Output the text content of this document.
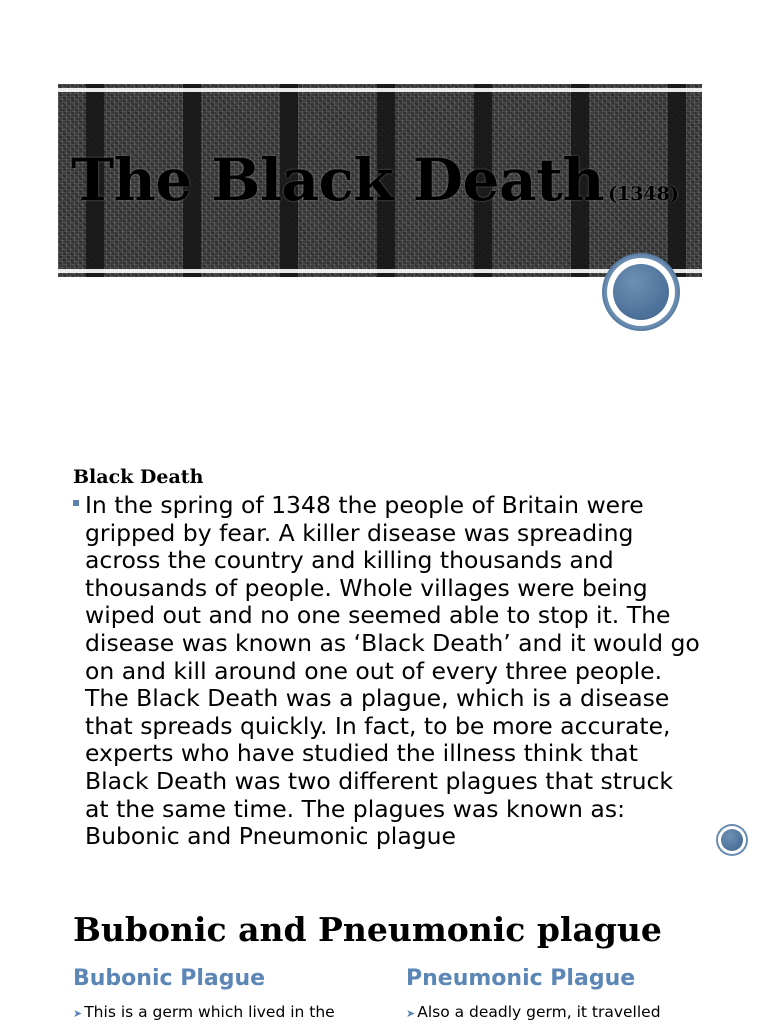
The Black Death (1348)
Black Death

In the spring of 1348 the people of Britain were gripped by fear. A killer disease was spreading across the country and killing thousands and thousands of people. Whole villages were being wiped out and no one seemed able to stop it. The disease was known as ‘Black Death’ and it would go on and kill around one out of every three people. The Black Death was a plague, which is a disease that spreads quickly. In fact, to be more accurate, experts who have studied the illness think that Black Death was two different plagues that struck at the same time. The plagues was known as: Bubonic and Pneumonic plague

Bubonic and Pneumonic plague
Bubonic Plague	Pneumonic Plague
➤ This is a germ which lived in the	➤ Also a deadly germ, it travelled
